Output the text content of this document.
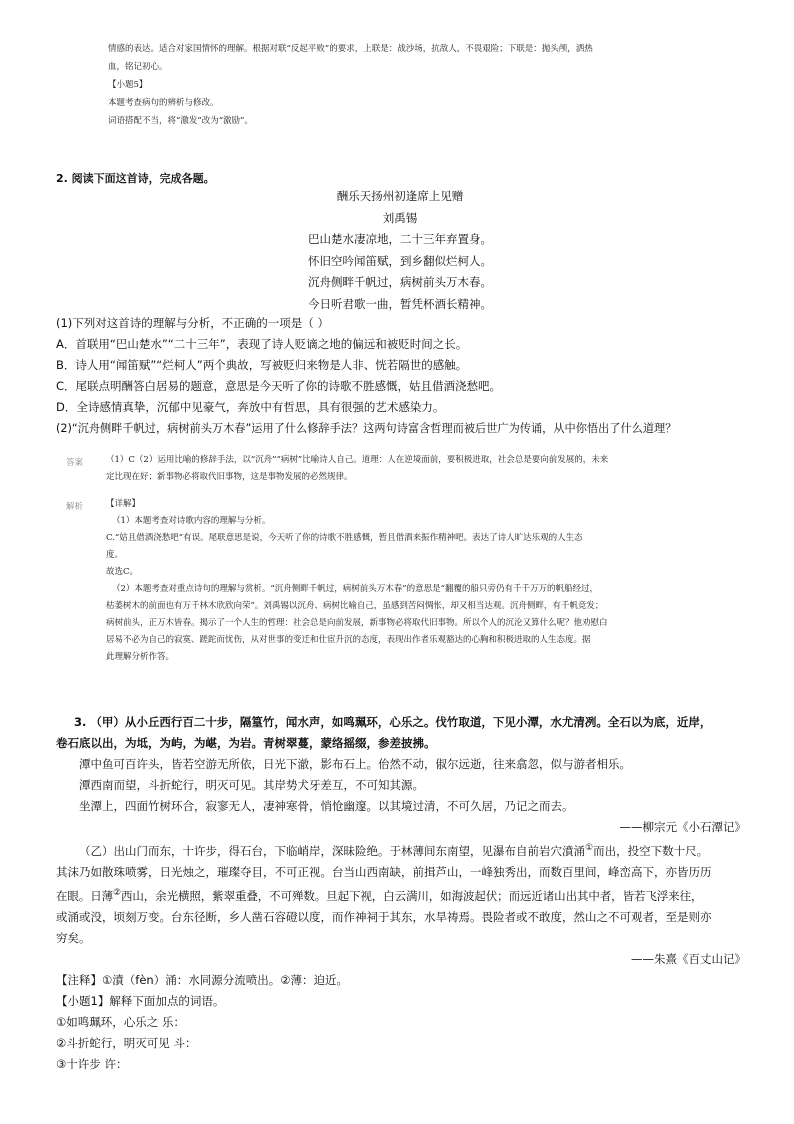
情感的表达。适合对家国情怀的理解。根据对联“反起平败”的要求，上联是：战沙场，抗敌人，不畏艰险；下联是：抛头颅，洒热

血，铭记初心。

【小题5】

本题考查病句的辨析与修改。

词语搭配不当，将“激发”改为“激励”。

2. 阅读下面这首诗，完成各题。

酬乐天扬州初逢席上见赠

刘禹锡

巴山楚水凄凉地，二十三年弃置身。

怀旧空吟闻笛赋，到乡翻似烂柯人。

沉舟侧畔千帆过，病树前头万木春。

今日听君歌一曲，暂凭杯酒长精神。

(1)下列对这首诗的理解与分析，不正确的一项是（ ）

A．首联用“巴山楚水”“二十三年”，表现了诗人贬谪之地的偏远和被贬时间之长。

B．诗人用“闻笛赋”“烂柯人”两个典故，写被贬归来物是人非、恍若隔世的感触。

C．尾联点明酬答白居易的题意，意思是今天听了你的诗歌不胜感慨，姑且借酒浇愁吧。

D．全诗感情真挚，沉郁中见豪气，奔放中有哲思，具有很强的艺术感染力。

(2)“沉舟侧畔千帆过，病树前头万木春”运用了什么修辞手法？这两句诗富含哲理而被后世广为传诵，从中你悟出了什么道理？

答案	（1）C（2）运用比喻的修辞手法，以“沉舟”“病树”比喻诗人自己。道理：人在逆境面前，要积极进取，社会总是要向前发展的，未来

定比现在好；新事物必将取代旧事物，这是事物发展的必然规律。

解析	【详解】

（1）本题考查对诗歌内容的理解与分析。

C.“姑且借酒浇愁吧”有误。尾联意思是说，今天听了你的诗歌不胜感慨，暂且借酒来振作精神吧。表达了诗人旷达乐观的人生态

度。

故选C。

（2）本题考查对重点诗句的理解与赏析。“沉舟侧畔千帆过，病树前头万木春”的意思是“翻覆的船只旁仍有千千万万的帆船经过，

枯萎树木的前面也有万千林木欣欣向荣”。刘禹锡以沉舟、病树比喻自己，虽感到苦闷惆怅，却又相当达观。沉舟侧畔，有千帆竞发；

病树前头，正万木皆春。揭示了一个人生的哲理：社会总是向前发展，新事物必将取代旧事物。所以个人的沉沦又算什么呢？他劝慰白

居易不必为自己的寂寞、蹉跎而忧伤，从对世事的变迁和仕宦升沉的态度，表现出作者乐观豁达的心胸和积极进取的人生态度。据

此理解分析作答。

3. （甲）从小丘西行百二十步，隔篁竹，闻水声，如鸣珮环，心乐之。伐竹取道，下见小潭，水尤清冽。全石以为底，近岸，

卷石底以出，为坻，为屿，为嵁，为岩。青树翠蔓，蒙络摇缀，参差披拂。

潭中鱼可百许头，皆若空游无所依，日光下澈，影布石上。佁然不动，俶尔远逝，往来翕忽，似与游者相乐。

潭西南而望，斗折蛇行，明灭可见。其岸势犬牙差互，不可知其源。

坐潭上，四面竹树环合，寂寥无人，凄神寒骨，悄怆幽邃。以其境过清，不可久居，乃记之而去。

——柳宗元《小石潭记》

（乙）出山门而东，十许步，得石台，下临峭岸，深昧险绝。于林薄间东南望，见瀑布自前岩穴濆涌①而出，投空下数十尺。

其沫乃如散珠喷雾，日光烛之，璀璨夺目，不可正视。台当山西南缺，前揖芦山，一峰独秀出，而数百里间，峰峦高下，亦皆历历

在眼。日薄②西山，余光横照，紫翠重叠，不可殚数。旦起下视，白云满川，如海波起伏；而远近诸山出其中者，皆若飞浮来往，

或涌或没，顷刻万变。台东径断，乡人凿石容磴以度，而作神祠于其东，水旱祷焉。畏险者或不敢度，然山之不可观者，至是则亦

穷矣。

——朱熹《百丈山记》

【注释】①濆（fèn）涌：水同源分流喷出。②薄：迫近。

【小题1】解释下面加点的词语。

①如鸣珮环，心乐之 乐：

②斗折蛇行，明灭可见 斗：

③十许步 许：
